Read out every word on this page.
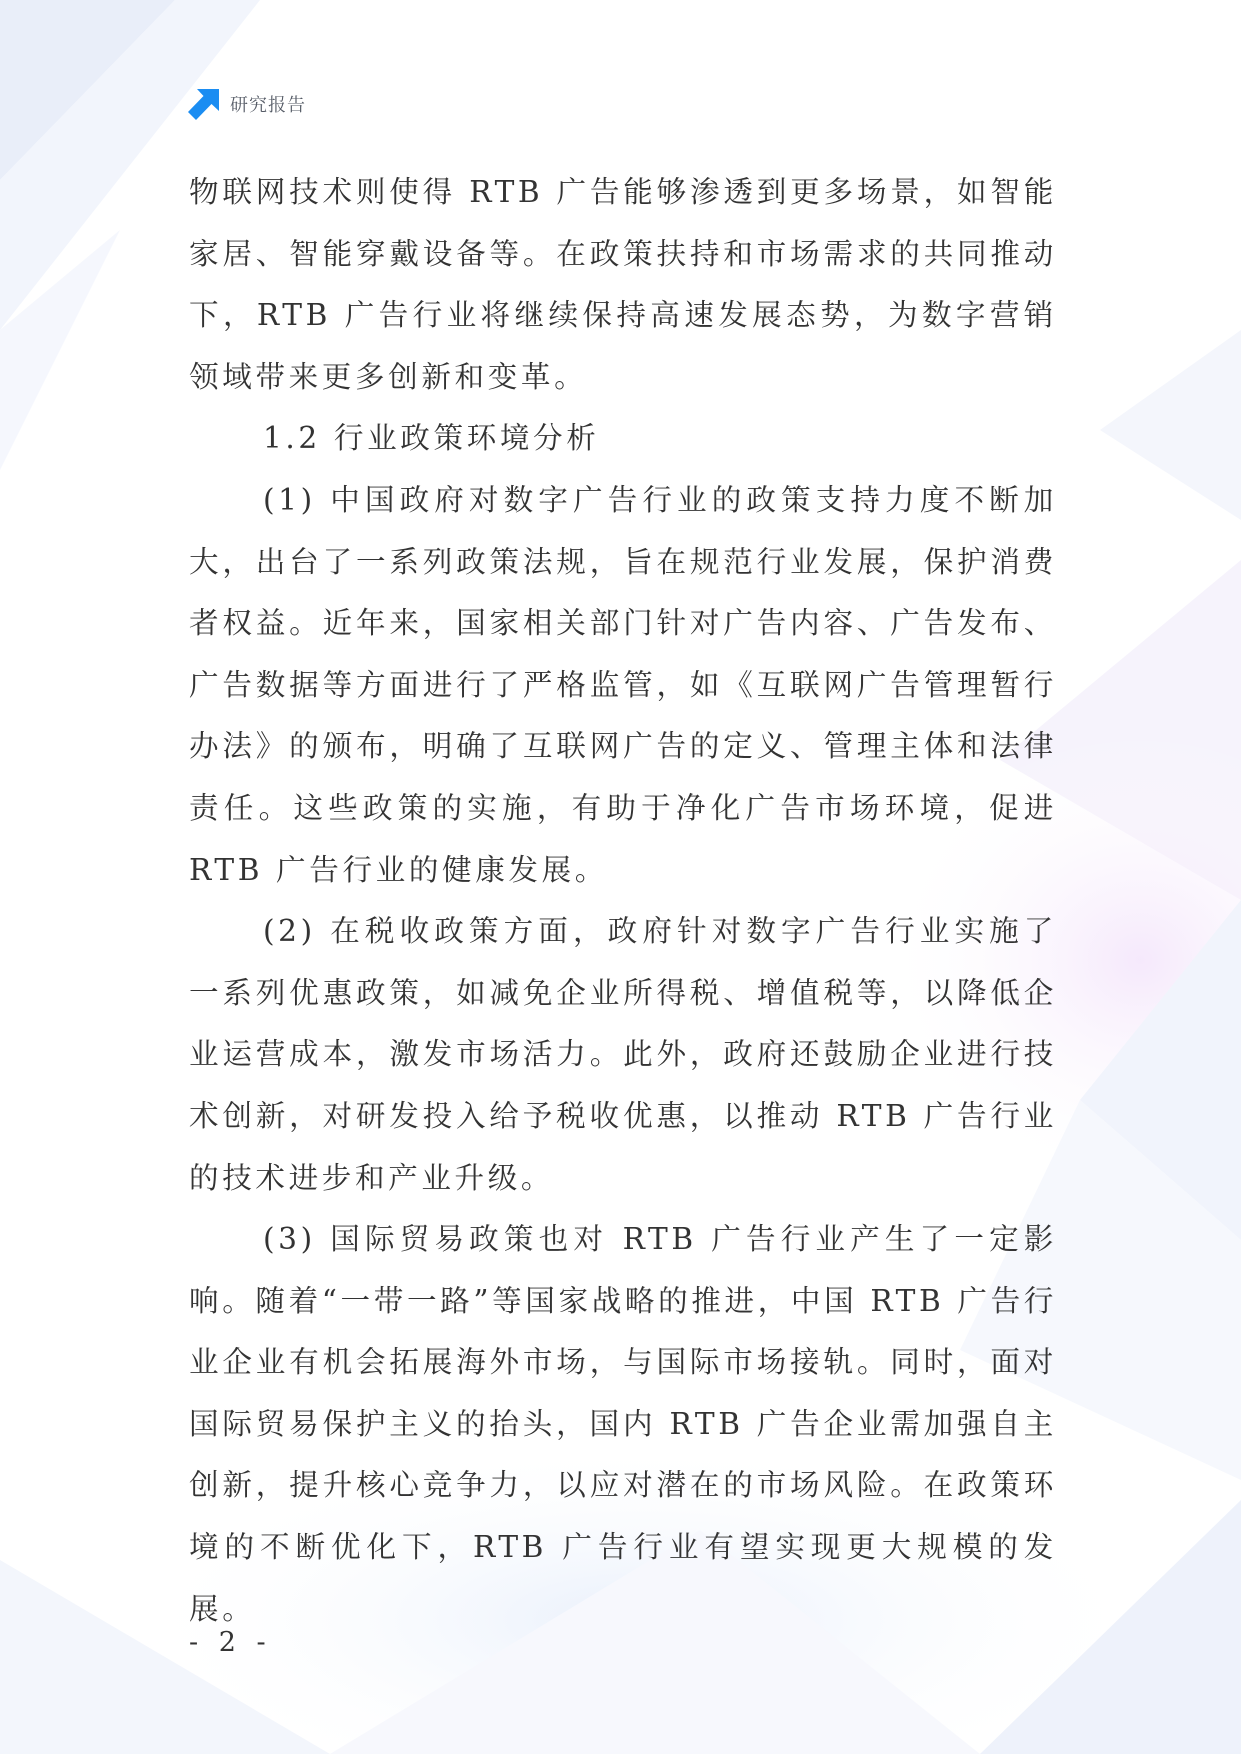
研究报告

物联网技术则使得 RTB 广告能够渗透到更多场景，如智能家居、智能穿戴设备等。在政策扶持和市场需求的共同推动下，RTB 广告行业将继续保持高速发展态势，为数字营销领域带来更多创新和变革。

1.2 行业政策环境分析

(1) 中国政府对数字广告行业的政策支持力度不断加大，出台了一系列政策法规，旨在规范行业发展，保护消费者权益。近年来，国家相关部门针对广告内容、广告发布、广告数据等方面进行了严格监管，如《互联网广告管理暂行办法》的颁布，明确了互联网广告的定义、管理主体和法律责任。这些政策的实施，有助于净化广告市场环境，促进 RTB 广告行业的健康发展。

(2) 在税收政策方面，政府针对数字广告行业实施了一系列优惠政策，如减免企业所得税、增值税等，以降低企业运营成本，激发市场活力。此外，政府还鼓励企业进行技术创新，对研发投入给予税收优惠，以推动 RTB 广告行业的技术进步和产业升级。

(3) 国际贸易政策也对 RTB 广告行业产生了一定影响。随着“一带一路”等国家战略的推进，中国 RTB 广告行业企业有机会拓展海外市场，与国际市场接轨。同时，面对国际贸易保护主义的抬头，国内 RTB 广告企业需加强自主创新，提升核心竞争力，以应对潜在的市场风险。在政策环境的不断优化下，RTB 广告行业有望实现更大规模的发展。

- 2 -
